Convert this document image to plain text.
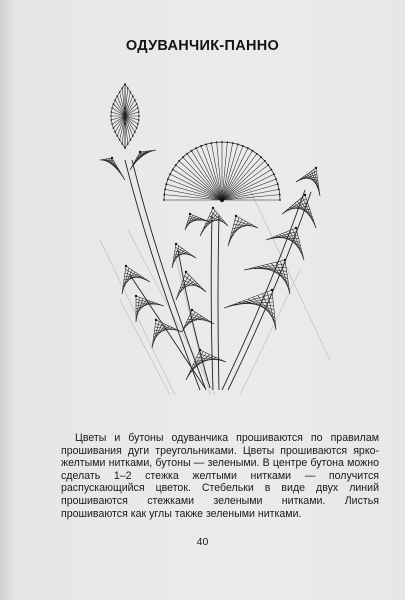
ОДУВАНЧИК-ПАННО

Цветы и бутоны одуванчика прошиваются по правилам прошивания дуги треугольниками. Цветы прошиваются ярко-желтыми нитками, бутоны — зелеными. В центре бутона можно сделать 1–2 стежка желтыми нитками — получится распускающийся цветок. Стебельки в виде двух линий прошиваются стежками зелеными нитками. Листья прошиваются как углы также зелеными нитками.

40
